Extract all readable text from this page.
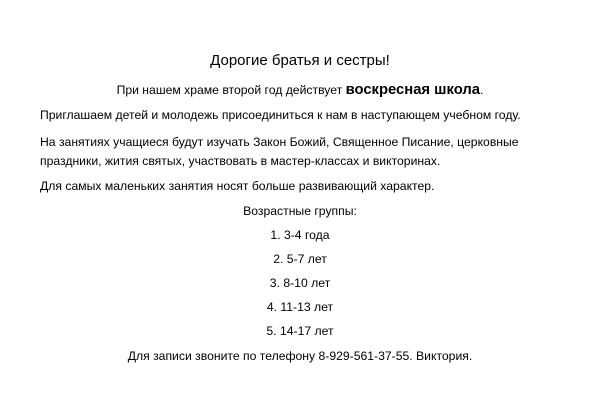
Дорогие братья и сестры!
При нашем храме второй год действует воскресная школа.
Приглашаем детей и молодежь присоединиться к нам в наступающем учебном году.
На занятиях учащиеся будут изучать Закон Божий, Священное Писание, церковные
праздники, жития святых, участвовать в мастер-классах и викторинах.
Для самых маленьких занятия носят больше развивающий характер.
Возрастные группы:
1. 3-4 года
2. 5-7 лет
3. 8-10 лет
4. 11-13 лет
5. 14-17 лет
Для записи звоните по телефону 8-929-561-37-55. Виктория.
